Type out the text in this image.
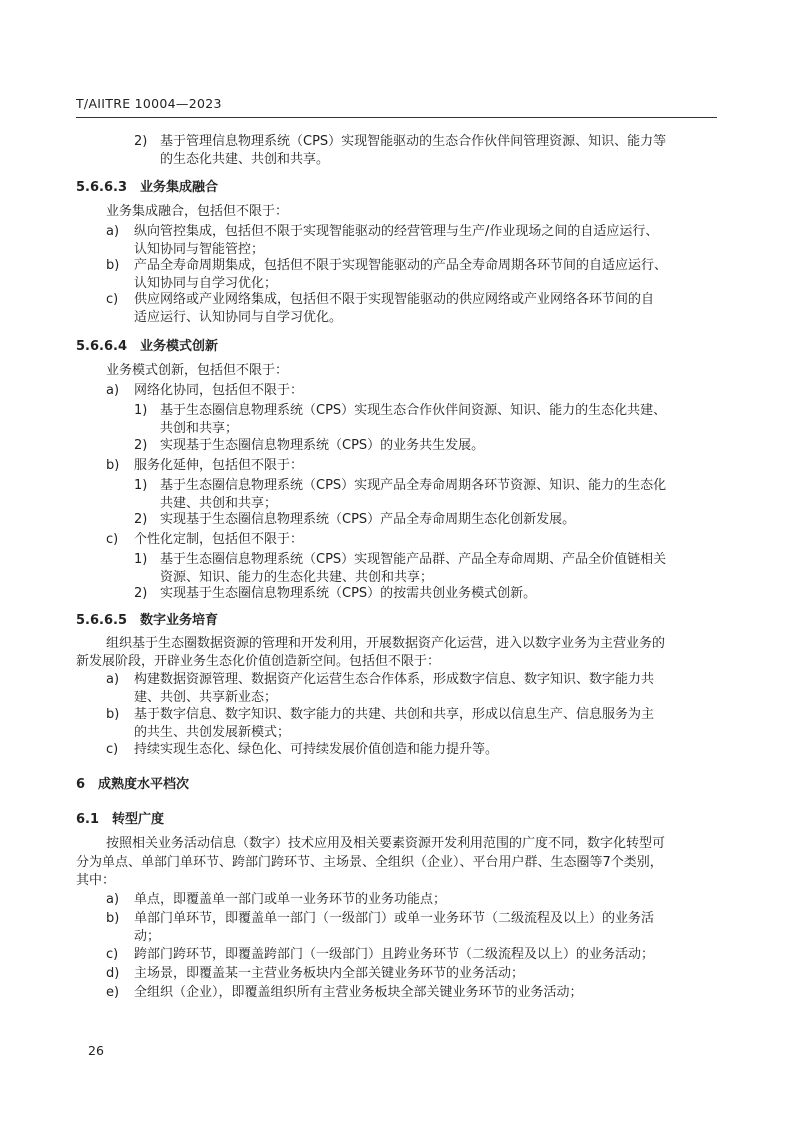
T/AIITRE 10004—2023
2) 基于管理信息物理系统（CPS）实现智能驱动的生态合作伙伴间管理资源、知识、能力等
的生态化共建、共创和共享。
5.6.6.3　业务集成融合
业务集成融合，包括但不限于：
a) 纵向管控集成，包括但不限于实现智能驱动的经营管理与生产/作业现场之间的自适应运行、
认知协同与智能管控；
b) 产品全寿命周期集成，包括但不限于实现智能驱动的产品全寿命周期各环节间的自适应运行、
认知协同与自学习优化；
c) 供应网络或产业网络集成，包括但不限于实现智能驱动的供应网络或产业网络各环节间的自
适应运行、认知协同与自学习优化。
5.6.6.4　业务模式创新
业务模式创新，包括但不限于：
a) 网络化协同，包括但不限于：
1) 基于生态圈信息物理系统（CPS）实现生态合作伙伴间资源、知识、能力的生态化共建、
共创和共享；
2) 实现基于生态圈信息物理系统（CPS）的业务共生发展。
b) 服务化延伸，包括但不限于：
1) 基于生态圈信息物理系统（CPS）实现产品全寿命周期各环节资源、知识、能力的生态化
共建、共创和共享；
2) 实现基于生态圈信息物理系统（CPS）产品全寿命周期生态化创新发展。
c) 个性化定制，包括但不限于：
1) 基于生态圈信息物理系统（CPS）实现智能产品群、产品全寿命周期、产品全价值链相关
资源、知识、能力的生态化共建、共创和共享；
2) 实现基于生态圈信息物理系统（CPS）的按需共创业务模式创新。
5.6.6.5　数字业务培育
组织基于生态圈数据资源的管理和开发利用，开展数据资产化运营，进入以数字业务为主营业务的
新发展阶段，开辟业务生态化价值创造新空间。包括但不限于：
a) 构建数据资源管理、数据资产化运营生态合作体系，形成数字信息、数字知识、数字能力共
建、共创、共享新业态；
b) 基于数字信息、数字知识、数字能力的共建、共创和共享，形成以信息生产、信息服务为主
的共生、共创发展新模式；
c) 持续实现生态化、绿色化、可持续发展价值创造和能力提升等。
6　成熟度水平档次
6.1　转型广度
按照相关业务活动信息（数字）技术应用及相关要素资源开发利用范围的广度不同，数字化转型可
分为单点、单部门单环节、跨部门跨环节、主场景、全组织（企业）、平台用户群、生态圈等7个类别，
其中：
a) 单点，即覆盖单一部门或单一业务环节的业务功能点；
b) 单部门单环节，即覆盖单一部门（一级部门）或单一业务环节（二级流程及以上）的业务活
动；
c) 跨部门跨环节，即覆盖跨部门（一级部门）且跨业务环节（二级流程及以上）的业务活动；
d) 主场景，即覆盖某一主营业务板块内全部关键业务环节的业务活动；
e) 全组织（企业），即覆盖组织所有主营业务板块全部关键业务环节的业务活动；
26
